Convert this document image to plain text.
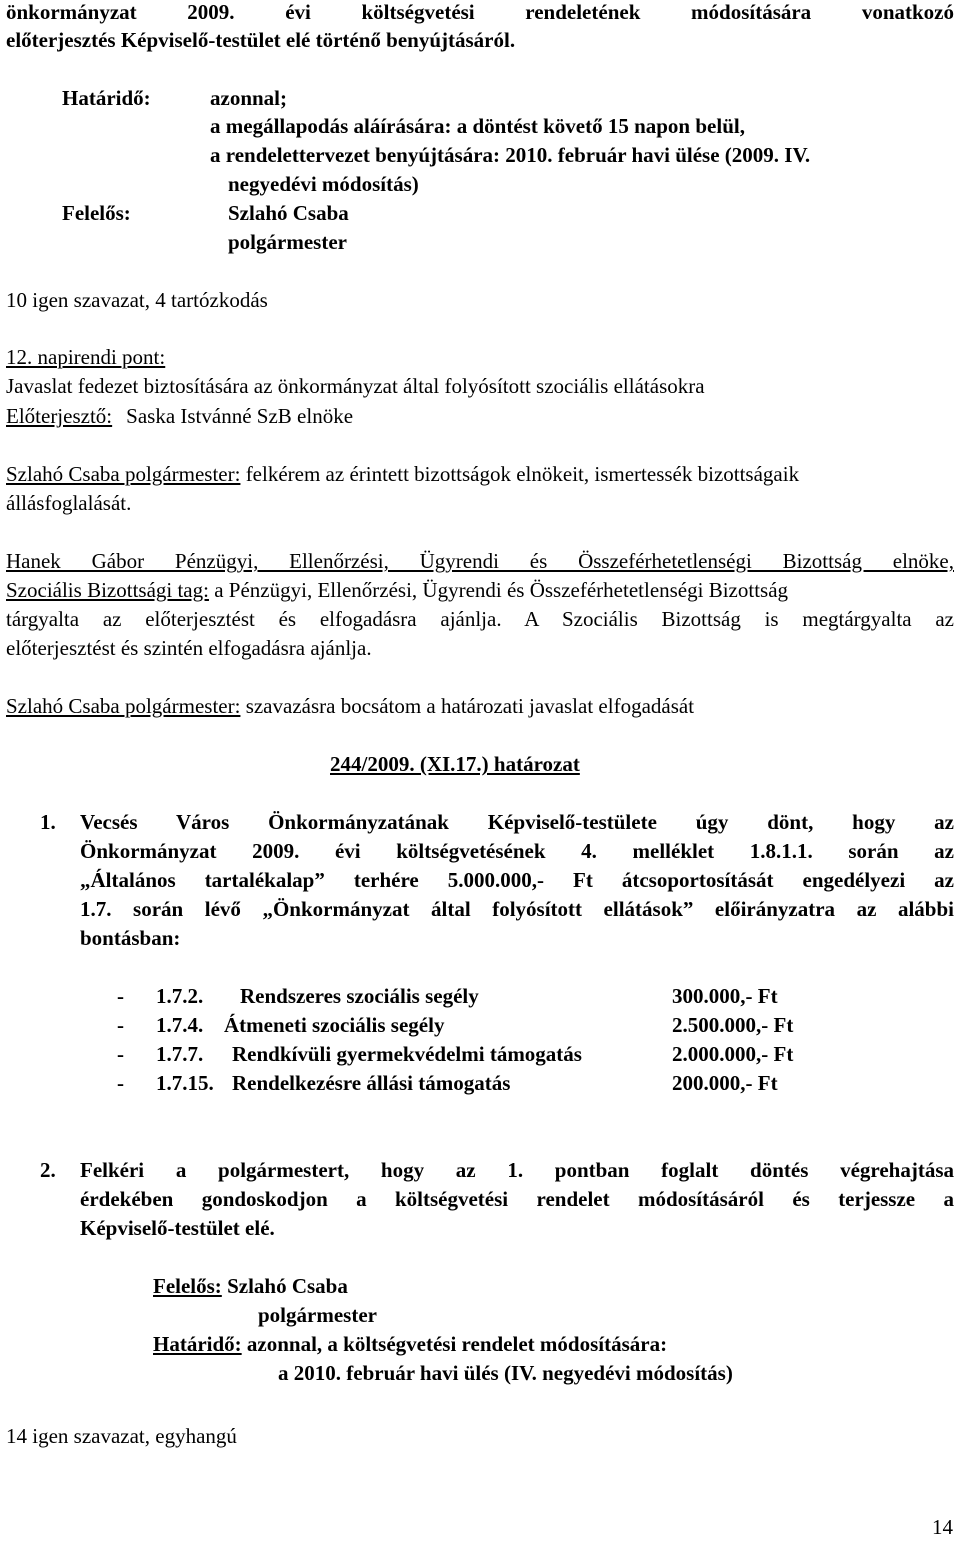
önkormányzat 2009. évi költségvetési rendeletének módosítására vonatkozó
előterjesztés Képviselő-testület elé történő benyújtásáról.
Határidő:	azonnal;
a megállapodás aláírására: a döntést követő 15 napon belül,
a rendelettervezet benyújtására: 2010. február havi ülése (2009. IV.
negyedévi módosítás)
Felelős:	Szlahó Csaba
polgármester
10 igen szavazat, 4 tartózkodás
12. napirendi pont:
Javaslat fedezet biztosítására az önkormányzat által folyósított szociális ellátásokra
Előterjesztő: Saska Istvánné SzB elnöke
Szlahó Csaba polgármester: felkérem az érintett bizottságok elnökeit, ismertessék bizottságaik
állásfoglalását.
Hanek Gábor Pénzügyi, Ellenőrzési, Ügyrendi és Összeférhetetlenségi Bizottság elnöke,
Szociális Bizottsági tag: a Pénzügyi, Ellenőrzési, Ügyrendi és Összeférhetetlenségi Bizottság
tárgyalta az előterjesztést és elfogadásra ajánlja. A Szociális Bizottság is megtárgyalta az
előterjesztést és szintén elfogadásra ajánlja.
Szlahó Csaba polgármester: szavazásra bocsátom a határozati javaslat elfogadását
244/2009. (XI.17.) határozat
1. Vecsés Város Önkormányzatának Képviselő-testülete úgy dönt, hogy az
Önkormányzat 2009. évi költségvetésének 4. melléklet 1.8.1.1. során az
„Általános tartalékalap” terhére 5.000.000,- Ft átcsoportosítását engedélyezi az
1.7. során lévő „Önkormányzat által folyósított ellátások” előirányzatra az alábbi
bontásban:
- 1.7.2. Rendszeres szociális segély	300.000,- Ft
- 1.7.4. Átmeneti szociális segély	2.500.000,- Ft
- 1.7.7. Rendkívüli gyermekvédelmi támogatás	2.000.000,- Ft
- 1.7.15. Rendelkezésre állási támogatás	200.000,- Ft
2. Felkéri a polgármestert, hogy az 1. pontban foglalt döntés végrehajtása
érdekében gondoskodjon a költségvetési rendelet módosításáról és terjessze a
Képviselő-testület elé.
Felelős: Szlahó Csaba
polgármester
Határidő: azonnal, a költségvetési rendelet módosítására:
a 2010. február havi ülés (IV. negyedévi módosítás)
14 igen szavazat, egyhangú
14
